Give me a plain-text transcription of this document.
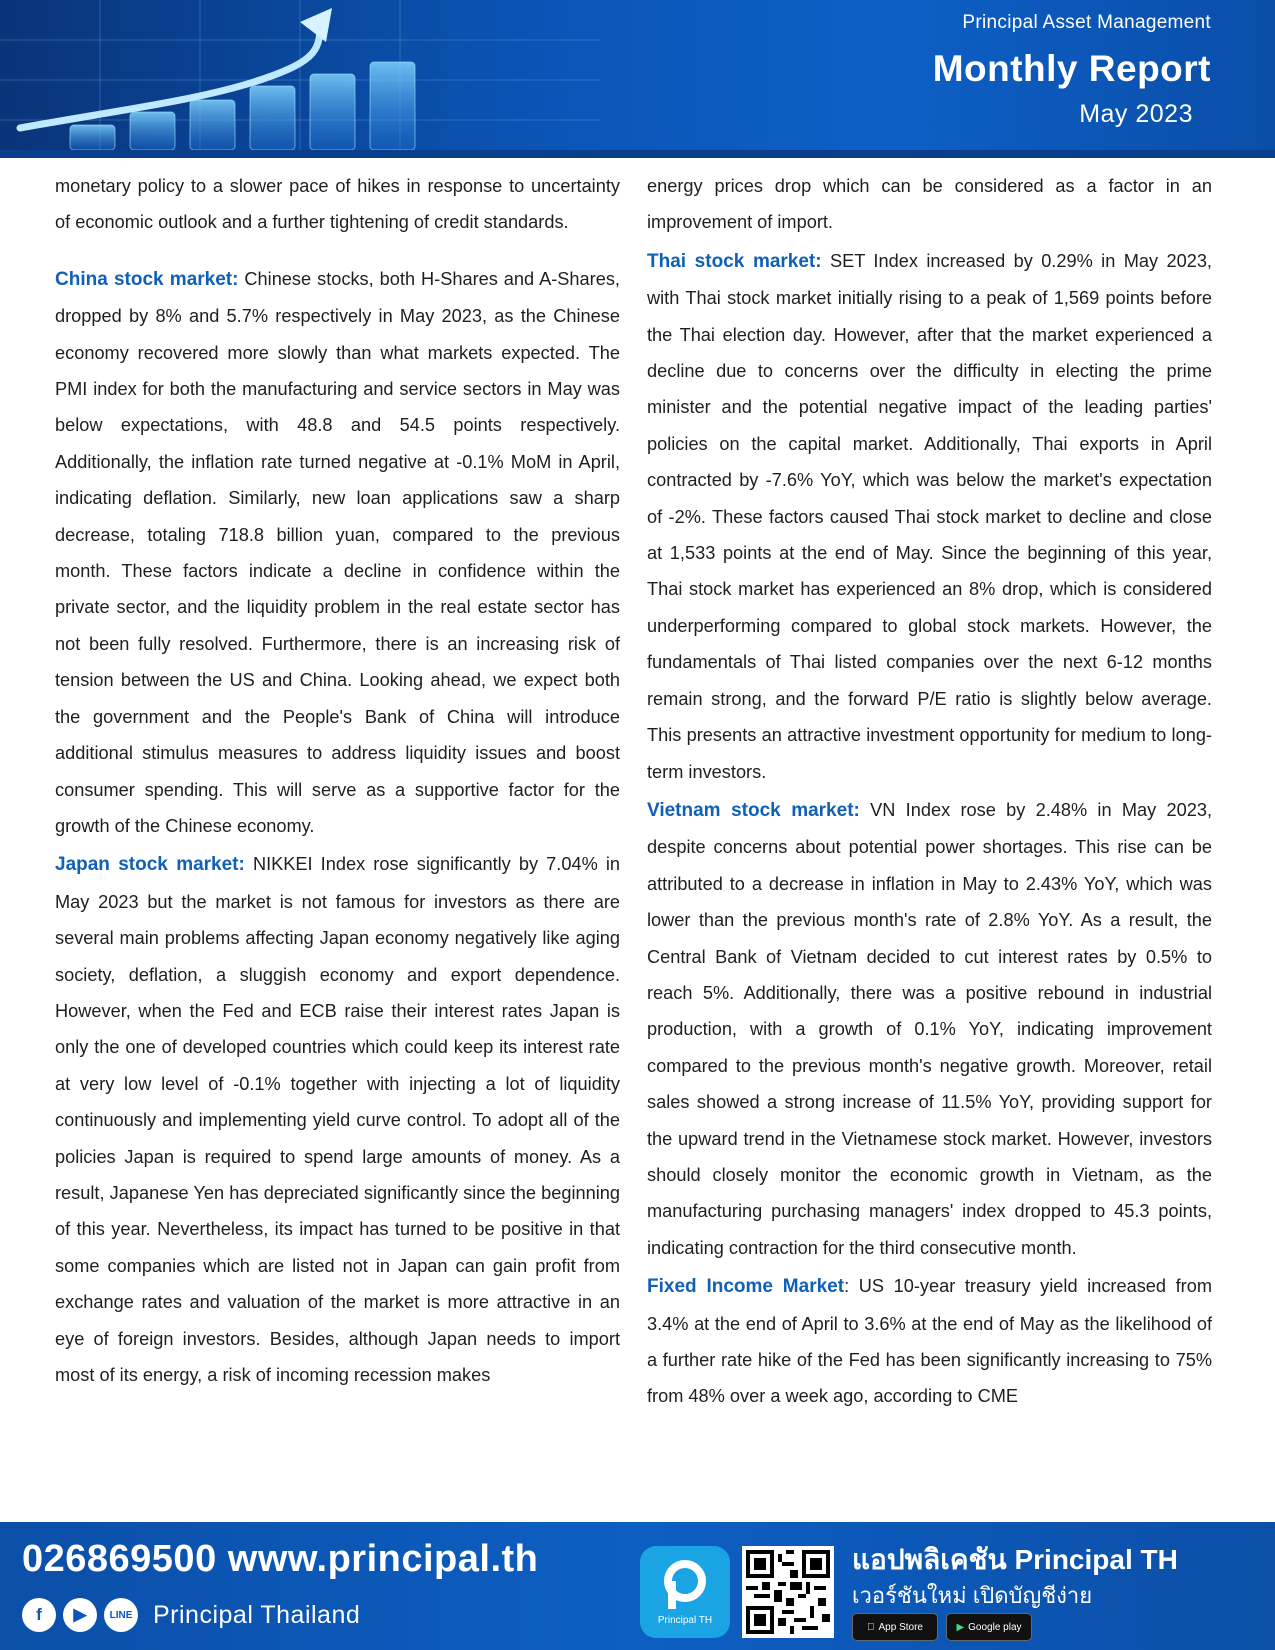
Principal Asset Management
Monthly Report
May 2023

monetary policy to a slower pace of hikes in response to uncertainty of economic outlook and a further tightening of credit standards.

China stock market: Chinese stocks, both H-Shares and A-Shares, dropped by 8% and 5.7% respectively in May 2023, as the Chinese economy recovered more slowly than what markets expected. The PMI index for both the manufacturing and service sectors in May was below expectations, with 48.8 and 54.5 points respectively. Additionally, the inflation rate turned negative at -0.1% MoM in April, indicating deflation. Similarly, new loan applications saw a sharp decrease, totaling 718.8 billion yuan, compared to the previous month. These factors indicate a decline in confidence within the private sector, and the liquidity problem in the real estate sector has not been fully resolved. Furthermore, there is an increasing risk of tension between the US and China. Looking ahead, we expect both the government and the People's Bank of China will introduce additional stimulus measures to address liquidity issues and boost consumer spending. This will serve as a supportive factor for the growth of the Chinese economy.

Japan stock market: NIKKEI Index rose significantly by 7.04% in May 2023 but the market is not famous for investors as there are several main problems affecting Japan economy negatively like aging society, deflation, a sluggish economy and export dependence. However, when the Fed and ECB raise their interest rates Japan is only the one of developed countries which could keep its interest rate at very low level of -0.1% together with injecting a lot of liquidity continuously and implementing yield curve control. To adopt all of the policies Japan is required to spend large amounts of money. As a result, Japanese Yen has depreciated significantly since the beginning of this year. Nevertheless, its impact has turned to be positive in that some companies which are listed not in Japan can gain profit from exchange rates and valuation of the market is more attractive in an eye of foreign investors. Besides, although Japan needs to import most of its energy, a risk of incoming recession makes

energy prices drop which can be considered as a factor in an improvement of import.

Thai stock market: SET Index increased by 0.29% in May 2023, with Thai stock market initially rising to a peak of 1,569 points before the Thai election day. However, after that the market experienced a decline due to concerns over the difficulty in electing the prime minister and the potential negative impact of the leading parties' policies on the capital market. Additionally, Thai exports in April contracted by -7.6% YoY, which was below the market's expectation of -2%. These factors caused Thai stock market to decline and close at 1,533 points at the end of May. Since the beginning of this year, Thai stock market has experienced an 8% drop, which is considered underperforming compared to global stock markets. However, the fundamentals of Thai listed companies over the next 6-12 months remain strong, and the forward P/E ratio is slightly below average. This presents an attractive investment opportunity for medium to long-term investors.

Vietnam stock market: VN Index rose by 2.48% in May 2023, despite concerns about potential power shortages. This rise can be attributed to a decrease in inflation in May to 2.43% YoY, which was lower than the previous month's rate of 2.8% YoY. As a result, the Central Bank of Vietnam decided to cut interest rates by 0.5% to reach 5%. Additionally, there was a positive rebound in industrial production, with a growth of 0.1% YoY, indicating improvement compared to the previous month's negative growth. Moreover, retail sales showed a strong increase of 11.5% YoY, providing support for the upward trend in the Vietnamese stock market. However, investors should closely monitor the economic growth in Vietnam, as the manufacturing purchasing managers' index dropped to 45.3 points, indicating contraction for the third consecutive month.

Fixed Income Market: US 10-year treasury yield increased from 3.4% at the end of April to 3.6% at the end of May as the likelihood of a further rate hike of the Fed has been significantly increasing to 75% from 48% over a week ago, according to CME

026869500 www.principal.th
f	▶	LINE Principal Thailand	Principal TH
แอปพลิเคชัน Principal TH
เวอร์ชันใหม่ เปิดบัญชีง่าย
App Store	▶ Google play
